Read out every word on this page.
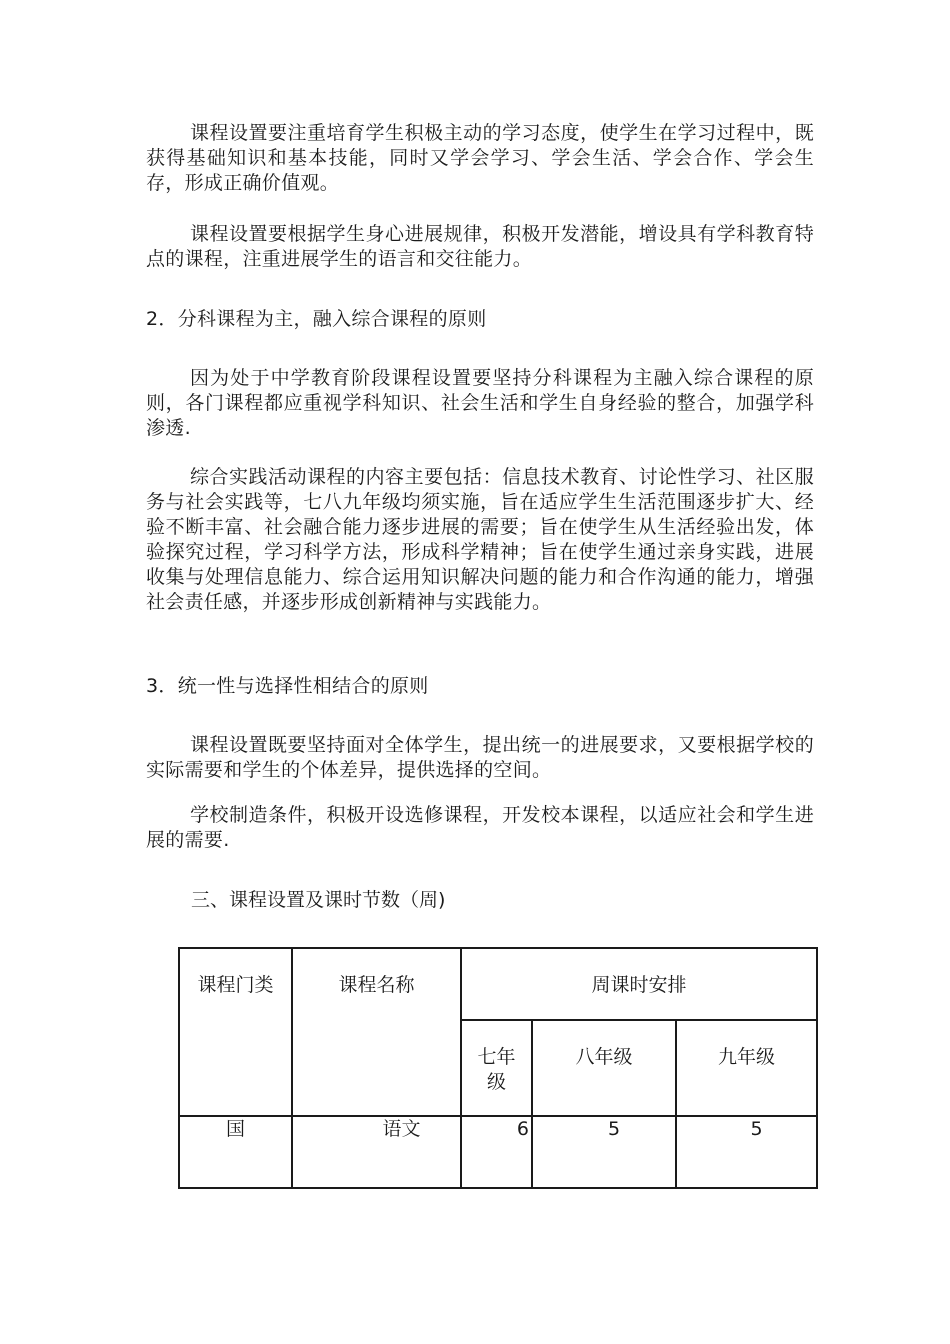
课程设置要注重培育学生积极主动的学习态度，使学生在学习过程中，既获得基础知识和基本技能，同时又学会学习、学会生活、学会合作、学会生存，形成正确价值观。

课程设置要根据学生身心进展规律，积极开发潜能，增设具有学科教育特点的课程，注重进展学生的语言和交往能力。

2．分科课程为主，融入综合课程的原则

因为处于中学教育阶段课程设置要坚持分科课程为主融入综合课程的原则，各门课程都应重视学科知识、社会生活和学生自身经验的整合，加强学科渗透.

综合实践活动课程的内容主要包括：信息技术教育、讨论性学习、社区服务与社会实践等，七八九年级均须实施，旨在适应学生生活范围逐步扩大、经验不断丰富、社会融合能力逐步进展的需要；旨在使学生从生活经验出发，体验探究过程，学习科学方法，形成科学精神；旨在使学生通过亲身实践，进展收集与处理信息能力、综合运用知识解决问题的能力和合作沟通的能力，增强社会责任感，并逐步形成创新精神与实践能力。

3．统一性与选择性相结合的原则

课程设置既要坚持面对全体学生，提出统一的进展要求，又要根据学校的实际需要和学生的个体差异，提供选择的空间。

学校制造条件，积极开设选修课程，开发校本课程，以适应社会和学生进展的需要.

三、课程设置及课时节数（周)

课程门类	课程名称	周课时安排		

		七年级	八年级	九年级

国	语文	6	5	5
